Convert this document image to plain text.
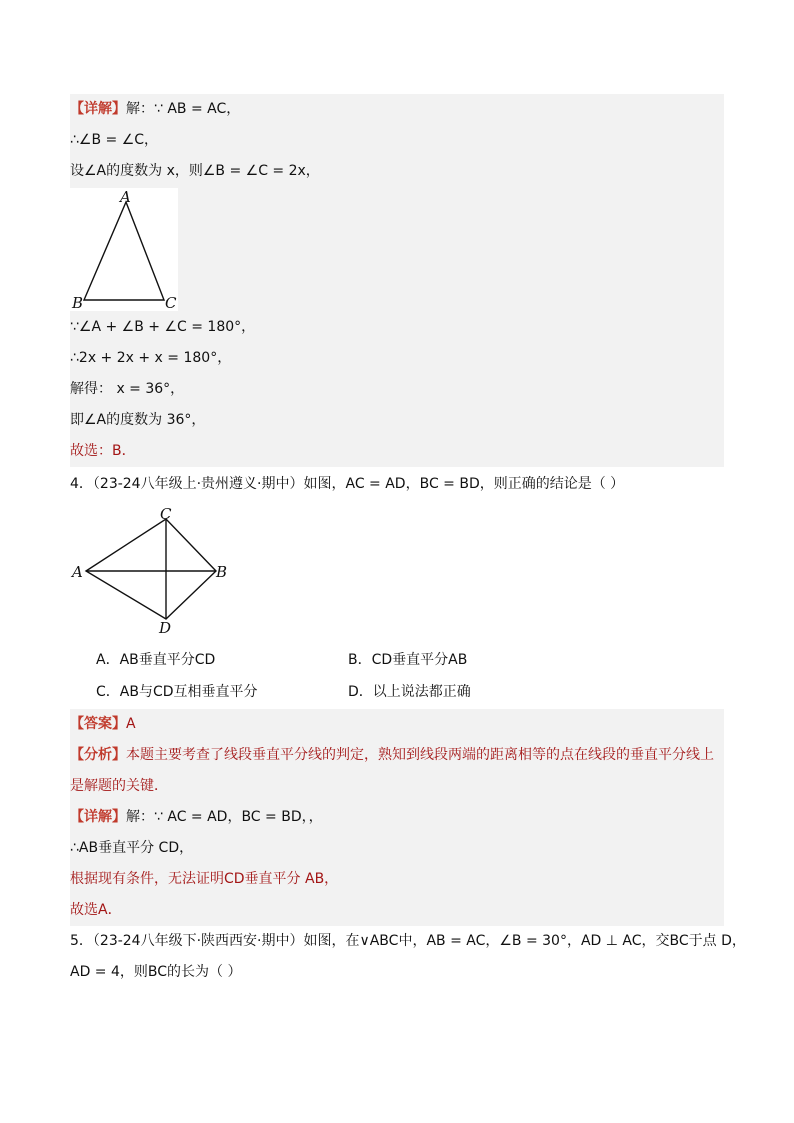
【详解】解：∵ AB = AC，
∴∠B = ∠C，
设∠A的度数为 x，则∠B = ∠C = 2x，
A
B	C
∵∠A + ∠B + ∠C = 180°，
∴2x + 2x + x = 180°，
解得： x = 36°，
即∠A的度数为 36°，
故选：B．
4．（23-24八年级上·贵州遵义·期中）如图，AC = AD，BC = BD，则正确的结论是（ ）
C
A	B
D
A．AB垂直平分CD	B．CD垂直平分AB
C．AB与CD互相垂直平分	D．以上说法都正确
【答案】A
【分析】本题主要考查了线段垂直平分线的判定，熟知到线段两端的距离相等的点在线段的垂直平分线上
是解题的关键．
【详解】解：∵ AC = AD，BC = BD，，
∴AB垂直平分 CD，
根据现有条件，无法证明CD垂直平分 AB，
故选A．
5．（23-24八年级下·陕西西安·期中）如图，在∨ABC中，AB = AC，∠B = 30°，AD ⊥ AC，交BC于点 D，
AD = 4，则BC的长为（ ）
